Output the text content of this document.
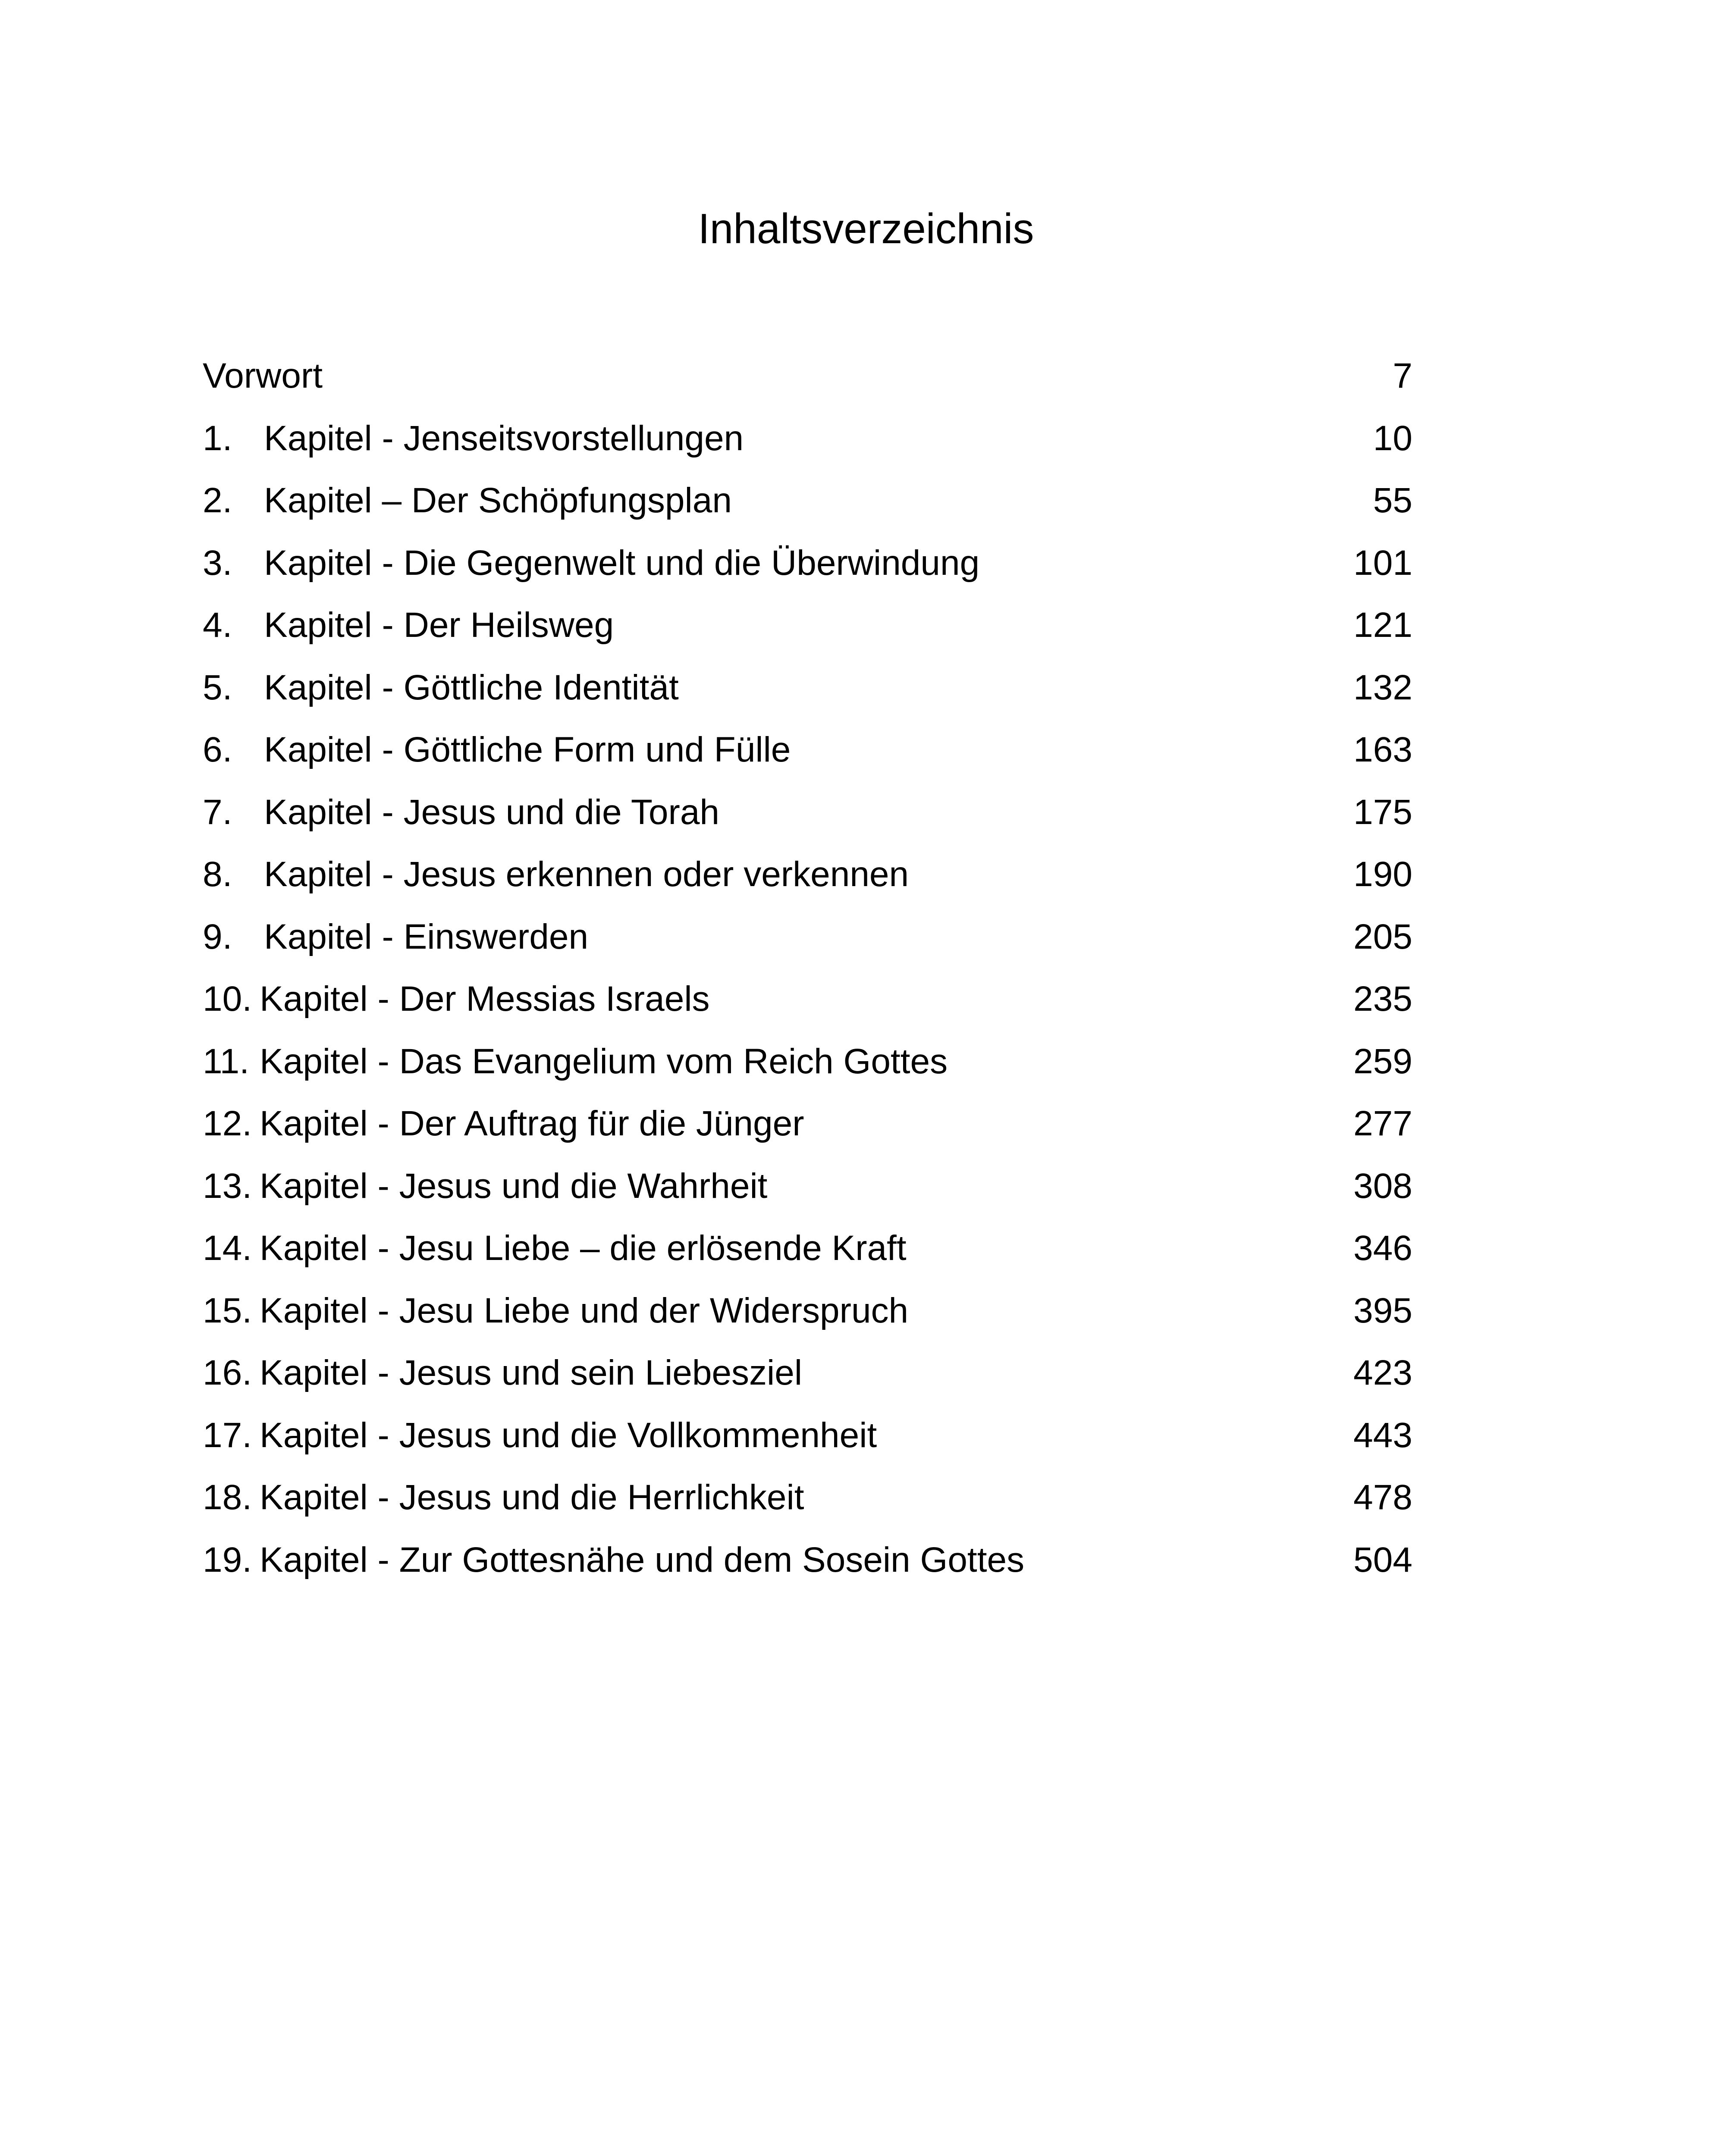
Inhaltsverzeichnis
Vorwort	7
1. Kapitel - Jenseitsvorstellungen	10
2. Kapitel – Der Schöpfungsplan	55
3. Kapitel - Die Gegenwelt und die Überwindung	101
4. Kapitel - Der Heilsweg	121
5. Kapitel - Göttliche Identität	132
6. Kapitel - Göttliche Form und Fülle	163
7. Kapitel - Jesus und die Torah	175
8. Kapitel - Jesus erkennen oder verkennen	190
9. Kapitel - Einswerden	205
10. Kapitel - Der Messias Israels	235
11. Kapitel - Das Evangelium vom Reich Gottes	259
12. Kapitel - Der Auftrag für die Jünger	277
13. Kapitel - Jesus und die Wahrheit	308
14. Kapitel - Jesu Liebe – die erlösende Kraft	346
15. Kapitel - Jesu Liebe und der Widerspruch	395
16. Kapitel - Jesus und sein Liebesziel	423
17. Kapitel - Jesus und die Vollkommenheit	443
18. Kapitel - Jesus und die Herrlichkeit	478
19. Kapitel - Zur Gottesnähe und dem Sosein Gottes	504
